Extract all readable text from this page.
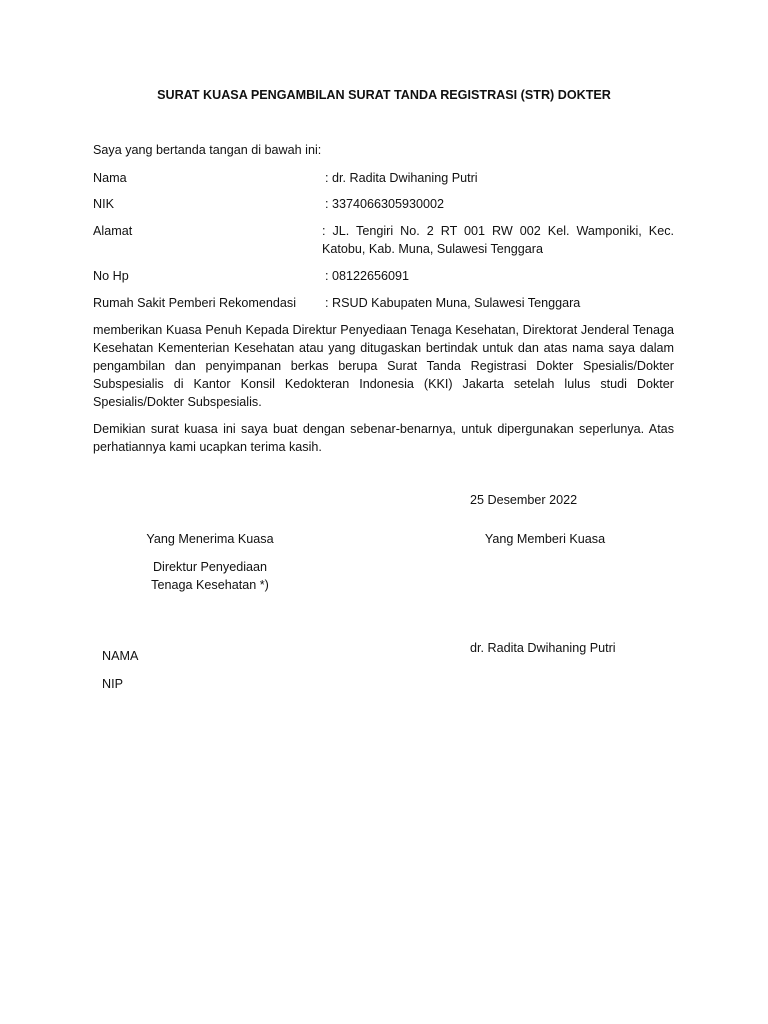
SURAT KUASA PENGAMBILAN SURAT TANDA REGISTRASI (STR) DOKTER
Saya yang bertanda tangan di bawah ini:
Nama	: dr. Radita Dwihaning Putri
NIK	: 3374066305930002
Alamat	: JL. Tengiri No. 2 RT 001 RW 002 Kel. Wamponiki, Kec. Katobu, Kab. Muna, Sulawesi Tenggara
No Hp	: 08122656091
Rumah Sakit Pemberi Rekomendasi : RSUD Kabupaten Muna, Sulawesi Tenggara
memberikan Kuasa Penuh Kepada Direktur Penyediaan Tenaga Kesehatan, Direktorat Jenderal Tenaga Kesehatan Kementerian Kesehatan atau yang ditugaskan bertindak untuk dan atas nama saya dalam pengambilan dan penyimpanan berkas berupa Surat Tanda Registrasi Dokter Spesialis/Dokter Subspesialis di Kantor Konsil Kedokteran Indonesia (KKI) Jakarta setelah lulus studi Dokter Spesialis/Dokter Subspesialis.
Demikian surat kuasa ini saya buat dengan sebenar-benarnya, untuk dipergunakan seperlunya. Atas perhatiannya kami ucapkan terima kasih.
25 Desember 2022
Yang Menerima Kuasa
Direktur Penyediaan
Tenaga Kesehatan *)
NAMA
NIP
Yang Memberi Kuasa
dr. Radita Dwihaning Putri
